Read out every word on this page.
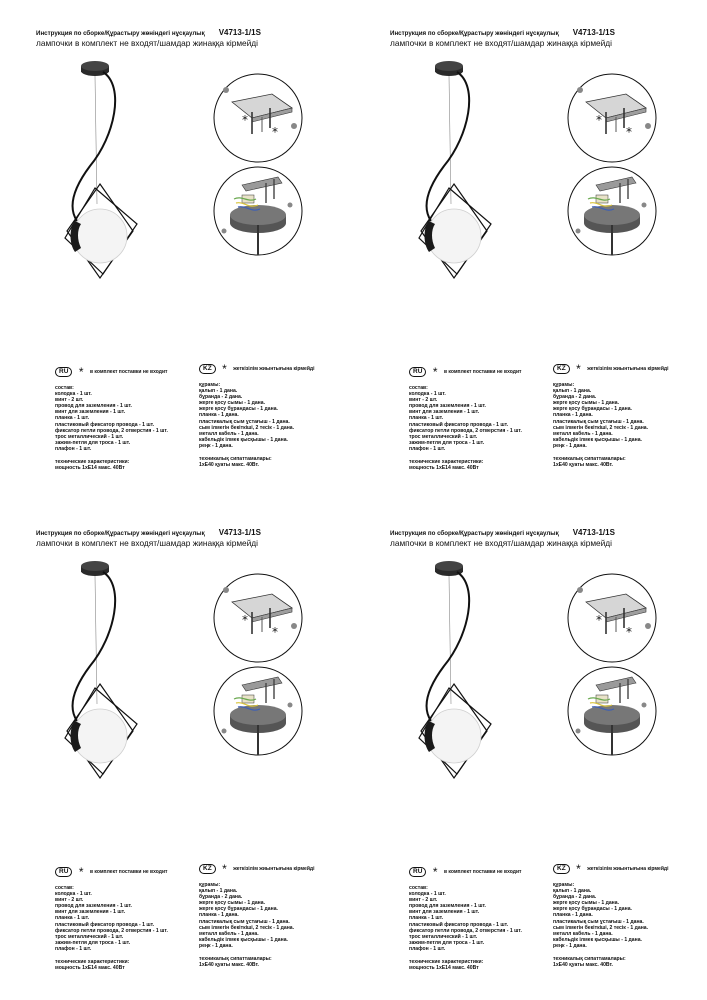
Инструкция по сборке/Құрастыру жөніндегі нұсқаулық V4713-1/1S
лампочки в комплект не входят/шамдар жинаққа кірмейді
*
*
RU * в комплект поставки не входит
состав:
колодка - 1 шт.
винт - 2 шт.
провод для заземления - 1 шт.
винт для заземления - 1 шт.
планка - 1 шт.
пластиковый фиксатор провода - 1 шт.
фиксатор петли провода, 2 отверстия - 1 шт.
трос металлический - 1 шт.
зажим-петля для троса - 1 шт.
плафон - 1 шт.
технические характеристики:
мощность 1хE14 макс. 40Вт
KZ * жеткізілім жиынтығына кірмейді
құрамы:
қалып - 1 дана.
бұранда - 2 дана.
жерге қосу сымы - 1 дана.
жерге қосу бұрандасы - 1 дана.
планка - 1 дана.
пластикалық сым ұстағыш - 1 дана.
сым ілмегін бекіткіші, 2 тесік - 1 дана.
металл кабель - 1 дана.
кабельдік ілмек қысқышы - 1 дана.
реңк - 1 дана.
техникалық сипаттамалары:
1хE40 қуаты макс. 40Вт.
Инструкция по сборке/Құрастыру жөніндегі нұсқаулық V4713-1/1S
лампочки в комплект не входят/шамдар жинаққа кірмейді
*
*
RU * в комплект поставки не входит
состав:
колодка - 1 шт.
винт - 2 шт.
провод для заземления - 1 шт.
винт для заземления - 1 шт.
планка - 1 шт.
пластиковый фиксатор провода - 1 шт.
фиксатор петли провода, 2 отверстия - 1 шт.
трос металлический - 1 шт.
зажим-петля для троса - 1 шт.
плафон - 1 шт.
технические характеристики:
мощность 1хE14 макс. 40Вт
KZ * жеткізілім жиынтығына кірмейді
құрамы:
қалып - 1 дана.
бұранда - 2 дана.
жерге қосу сымы - 1 дана.
жерге қосу бұрандасы - 1 дана.
планка - 1 дана.
пластикалық сым ұстағыш - 1 дана.
сым ілмегін бекіткіші, 2 тесік - 1 дана.
металл кабель - 1 дана.
кабельдік ілмек қысқышы - 1 дана.
реңк - 1 дана.
техникалық сипаттамалары:
1хE40 қуаты макс. 40Вт.
Инструкция по сборке/Құрастыру жөніндегі нұсқаулық V4713-1/1S
лампочки в комплект не входят/шамдар жинаққа кірмейді
*
*
RU * в комплект поставки не входит
состав:
колодка - 1 шт.
винт - 2 шт.
провод для заземления - 1 шт.
винт для заземления - 1 шт.
планка - 1 шт.
пластиковый фиксатор провода - 1 шт.
фиксатор петли провода, 2 отверстия - 1 шт.
трос металлический - 1 шт.
зажим-петля для троса - 1 шт.
плафон - 1 шт.
технические характеристики:
мощность 1хE14 макс. 40Вт
KZ * жеткізілім жиынтығына кірмейді
құрамы:
қалып - 1 дана.
бұранда - 2 дана.
жерге қосу сымы - 1 дана.
жерге қосу бұрандасы - 1 дана.
планка - 1 дана.
пластикалық сым ұстағыш - 1 дана.
сым ілмегін бекіткіші, 2 тесік - 1 дана.
металл кабель - 1 дана.
кабельдік ілмек қысқышы - 1 дана.
реңк - 1 дана.
техникалық сипаттамалары:
1хE40 қуаты макс. 40Вт.
Инструкция по сборке/Құрастыру жөніндегі нұсқаулық V4713-1/1S
лампочки в комплект не входят/шамдар жинаққа кірмейді
*
*
RU * в комплект поставки не входит
состав:
колодка - 1 шт.
винт - 2 шт.
провод для заземления - 1 шт.
винт для заземления - 1 шт.
планка - 1 шт.
пластиковый фиксатор провода - 1 шт.
фиксатор петли провода, 2 отверстия - 1 шт.
трос металлический - 1 шт.
зажим-петля для троса - 1 шт.
плафон - 1 шт.
технические характеристики:
мощность 1хE14 макс. 40Вт
KZ * жеткізілім жиынтығына кірмейді
құрамы:
қалып - 1 дана.
бұранда - 2 дана.
жерге қосу сымы - 1 дана.
жерге қосу бұрандасы - 1 дана.
планка - 1 дана.
пластикалық сым ұстағыш - 1 дана.
сым ілмегін бекіткіші, 2 тесік - 1 дана.
металл кабель - 1 дана.
кабельдік ілмек қысқышы - 1 дана.
реңк - 1 дана.
техникалық сипаттамалары:
1хE40 қуаты макс. 40Вт.
